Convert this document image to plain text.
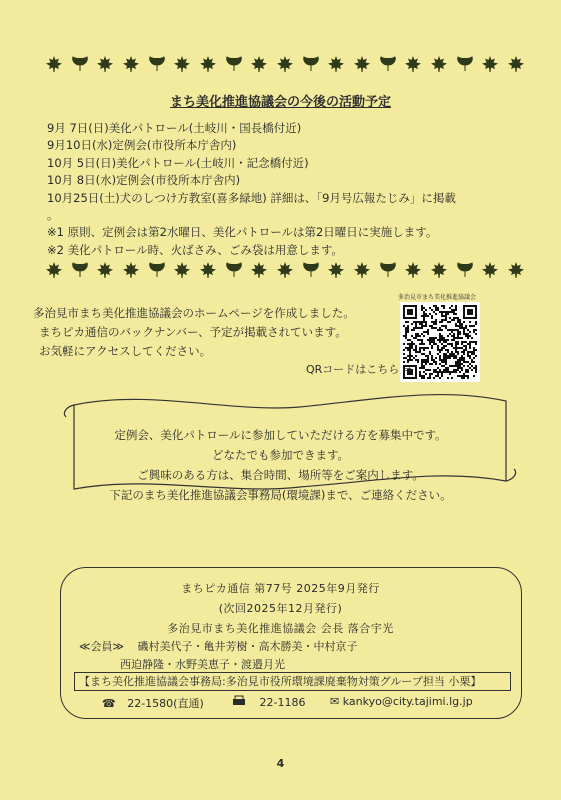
まち美化推進協議会の今後の活動予定
9月 7日(日)美化パトロール(土岐川・国長橋付近)
9月10日(水)定例会(市役所本庁舎内)
10月 5日(日)美化パトロール(土岐川・記念橋付近)
10月 8日(水)定例会(市役所本庁舎内)
10月25日(土)犬のしつけ方教室(喜多緑地) 詳細は、「9月号広報たじみ」に掲載
。
※1 原則、定例会は第2水曜日、美化パトロールは第2日曜日に実施します。
※2 美化パトロール時、火ばさみ、ごみ袋は用意します。
多治見市まち美化推進協議会のホームページを作成しました。
まちピカ通信のバックナンバー、予定が掲載されています。
お気軽にアクセスしてください。
多治見市まち美化推進協議会
QRコードはこちら ⇒
定例会、美化パトロールに参加していただける方を募集中です。
どなたでも参加できます。
ご興味のある方は、集合時間、場所等をご案内します。
下記のまち美化推進協議会事務局(環境課)まで、ご連絡ください。
まちピカ通信 第77号 2025年9月発行
(次回2025年12月発行)
多治見市まち美化推進協議会 会長 落合宇光
≪会員≫ 磯村美代子・亀井芳樹・高木勝美・中村京子
西迫静隆・水野美恵子・渡邉月光
【まち美化推進協議会事務局:多治見市役所環境課廃棄物対策グループ担当 小栗】
☎ 22-1580(直通)	22-1186 ✉ kankyo@city.tajimi.lg.jp
4
